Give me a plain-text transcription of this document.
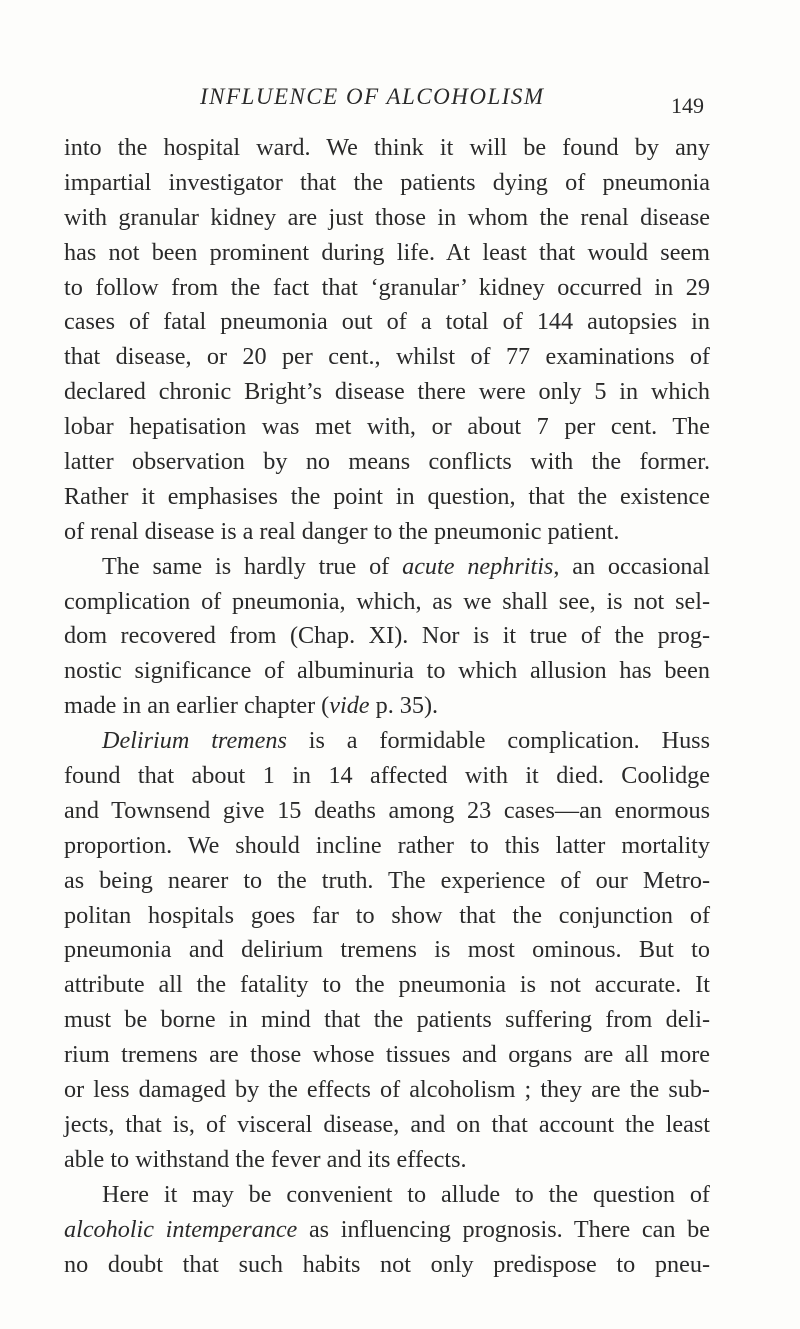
INFLUENCE OF ALCOHOLISM	149
into the hospital ward. We think it will be found by any
impartial investigator that the patients dying of pneumonia
with granular kidney are just those in whom the renal disease
has not been prominent during life. At least that would seem
to follow from the fact that ‘granular’ kidney occurred in 29
cases of fatal pneumonia out of a total of 144 autopsies in
that disease, or 20 per cent., whilst of 77 examinations of
declared chronic Bright’s disease there were only 5 in which
lobar hepatisation was met with, or about 7 per cent. The
latter observation by no means conflicts with the former.
Rather it emphasises the point in question, that the existence
of renal disease is a real danger to the pneumonic patient.
The same is hardly true of acute nephritis, an occasional
complication of pneumonia, which, as we shall see, is not sel-
dom recovered from (Chap. XI). Nor is it true of the prog-
nostic significance of albuminuria to which allusion has been
made in an earlier chapter (vide p. 35).
Delirium tremens is a formidable complication. Huss
found that about 1 in 14 affected with it died. Coolidge
and Townsend give 15 deaths among 23 cases—an enormous
proportion. We should incline rather to this latter mortality
as being nearer to the truth. The experience of our Metro-
politan hospitals goes far to show that the conjunction of
pneumonia and delirium tremens is most ominous. But to
attribute all the fatality to the pneumonia is not accurate. It
must be borne in mind that the patients suffering from deli-
rium tremens are those whose tissues and organs are all more
or less damaged by the effects of alcoholism ; they are the sub-
jects, that is, of visceral disease, and on that account the least
able to withstand the fever and its effects.
Here it may be convenient to allude to the question of
alcoholic intemperance as influencing prognosis. There can be
no doubt that such habits not only predispose to pneu-
